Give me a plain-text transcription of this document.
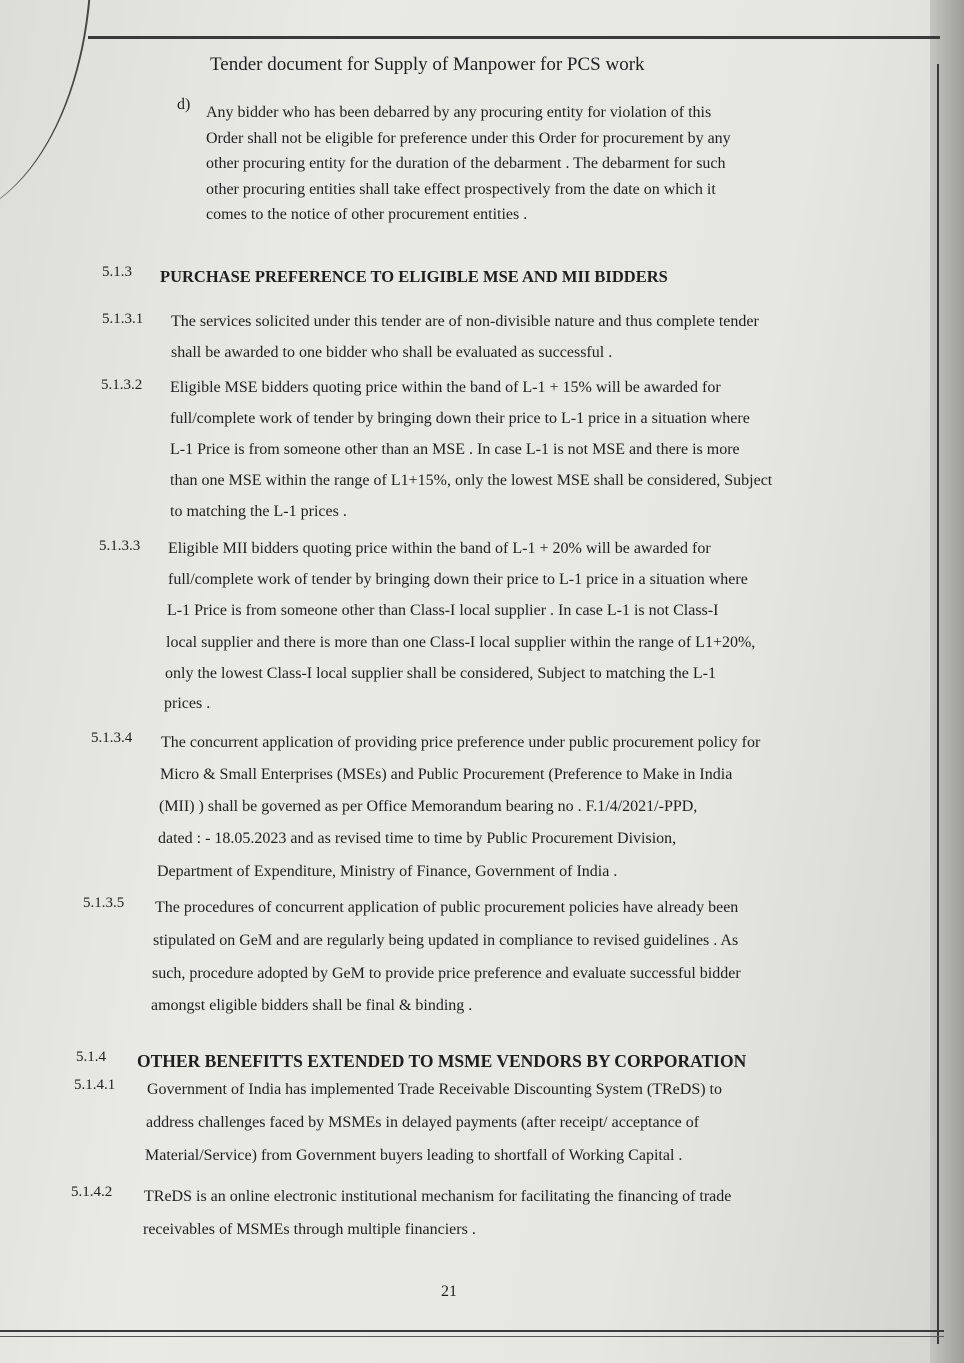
Tender document for Supply of Manpower for PCS work
d) Any bidder who has been debarred by any procuring entity for violation of this
Order shall not be eligible for preference under this Order for procurement by any
other procuring entity for the duration of the debarment . The debarment for such
other procuring entities shall take effect prospectively from the date on which it
comes to the notice of other procurement entities .
5.1.3 PURCHASE PREFERENCE TO ELIGIBLE MSE AND MII BIDDERS
5.1.3.1 The services solicited under this tender are of non-divisible nature and thus complete tender
shall be awarded to one bidder who shall be evaluated as successful .
5.1.3.2 Eligible MSE bidders quoting price within the band of L-1 + 15% will be awarded for
full/complete work of tender by bringing down their price to L-1 price in a situation where
L-1 Price is from someone other than an MSE . In case L-1 is not MSE and there is more
than one MSE within the range of L1+15%, only the lowest MSE shall be considered, Subject
to matching the L-1 prices .
5.1.3.3 Eligible MII bidders quoting price within the band of L-1 + 20% will be awarded for
full/complete work of tender by bringing down their price to L-1 price in a situation where
L-1 Price is from someone other than Class-I local supplier . In case L-1 is not Class-I
local supplier and there is more than one Class-I local supplier within the range of L1+20%,
only the lowest Class-I local supplier shall be considered, Subject to matching the L-1
prices .
5.1.3.4 The concurrent application of providing price preference under public procurement policy for
Micro & Small Enterprises (MSEs) and Public Procurement (Preference to Make in India
(MII) ) shall be governed as per Office Memorandum bearing no . F.1/4/2021/-PPD,
dated : - 18.05.2023 and as revised time to time by Public Procurement Division,
Department of Expenditure, Ministry of Finance, Government of India .
5.1.3.5 The procedures of concurrent application of public procurement policies have already been
stipulated on GeM and are regularly being updated in compliance to revised guidelines . As
such, procedure adopted by GeM to provide price preference and evaluate successful bidder
amongst eligible bidders shall be final & binding .
5.1.4 OTHER BENEFITTS EXTENDED TO MSME VENDORS BY CORPORATION
5.1.4.1 Government of India has implemented Trade Receivable Discounting System (TReDS) to
address challenges faced by MSMEs in delayed payments (after receipt/ acceptance of
Material/Service) from Government buyers leading to shortfall of Working Capital .
5.1.4.2 TReDS is an online electronic institutional mechanism for facilitating the financing of trade
receivables of MSMEs through multiple financiers .
21
